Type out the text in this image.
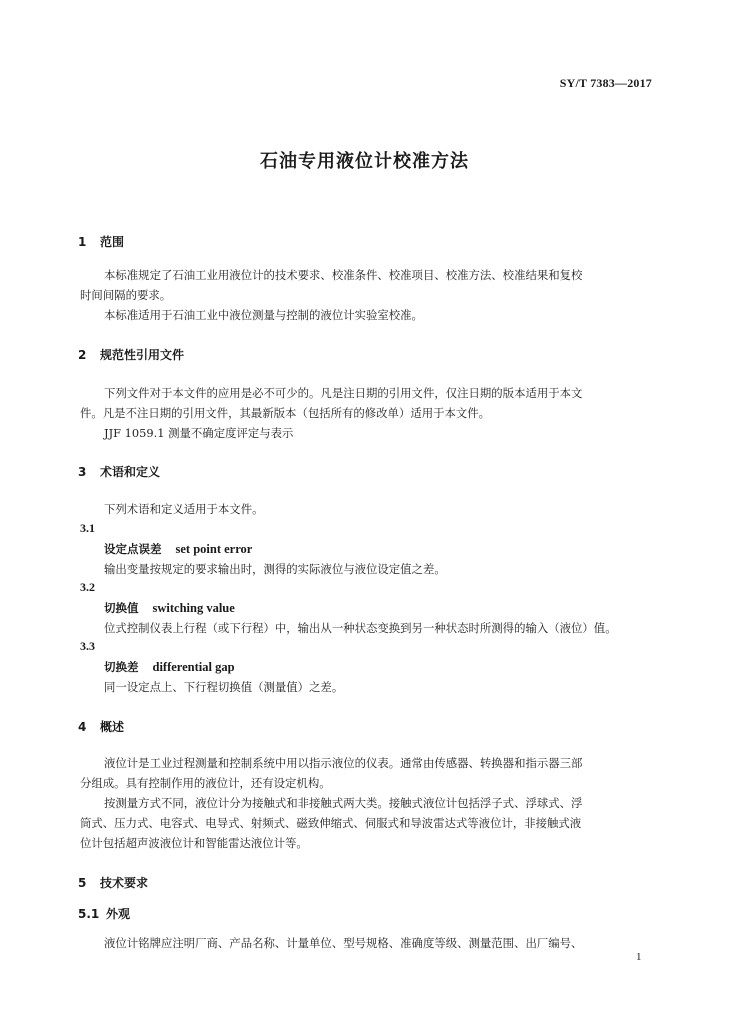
SY/T 7383—2017
石油专用液位计校准方法
1 范围
本标准规定了石油工业用液位计的技术要求、校准条件、校准项目、校准方法、校准结果和复校
时间间隔的要求。
本标准适用于石油工业中液位测量与控制的液位计实验室校准。
2 规范性引用文件
下列文件对于本文件的应用是必不可少的。凡是注日期的引用文件，仅注日期的版本适用于本文
件。凡是不注日期的引用文件，其最新版本（包括所有的修改单）适用于本文件。
JJF 1059.1 测量不确定度评定与表示
3 术语和定义
下列术语和定义适用于本文件。
3.1
设定点误差 set point error
输出变量按规定的要求输出时，测得的实际液位与液位设定值之差。
3.2
切换值 switching value
位式控制仪表上行程（或下行程）中，输出从一种状态变换到另一种状态时所测得的输入（液位）值。
3.3
切换差 differential gap
同一设定点上、下行程切换值（测量值）之差。
4 概述
液位计是工业过程测量和控制系统中用以指示液位的仪表。通常由传感器、转换器和指示器三部
分组成。具有控制作用的液位计，还有设定机构。
按测量方式不同，液位计分为接触式和非接触式两大类。接触式液位计包括浮子式、浮球式、浮
筒式、压力式、电容式、电导式、射频式、磁致伸缩式、伺服式和导波雷达式等液位计，非接触式液
位计包括超声波液位计和智能雷达液位计等。
5 技术要求
5.1 外观
液位计铭牌应注明厂商、产品名称、计量单位、型号规格、准确度等级、测量范围、出厂编号、
1
